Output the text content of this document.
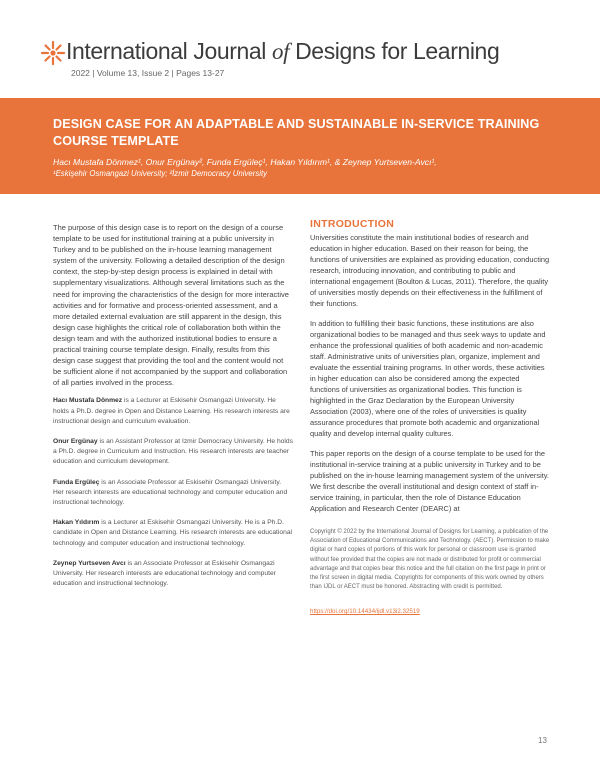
International Journal of Designs for Learning
2022 | Volume 13, Issue 2 | Pages 13-27
DESIGN CASE FOR AN ADAPTABLE AND SUSTAINABLE IN-SERVICE TRAINING COURSE TEMPLATE
Hacı Mustafa Dönmez¹, Onur Ergünay², Funda Ergüleç¹, Hakan Yıldırım¹, & Zeynep Yurtseven-Avcı¹,
¹Eskişehir Osmangazi University; ²İzmir Democracy University

The purpose of this design case is to report on the design of a course template to be used for institutional training at a public university in Turkey and to be published on the in-house learning management system of the university. Following a detailed description of the design context, the step-by-step design process is explained in detail with supplementary visualizations. Although several limitations such as the need for improving the characteristics of the design for more interactive activities and for formative and process-oriented assessment, and a more detailed external evaluation are still apparent in the design, this design case highlights the critical role of collaboration both within the design team and with the authorized institutional bodies to ensure a practical training course template design. Finally, results from this design case suggest that providing the tool and the content would not be sufficient alone if not accompanied by the support and collaboration of all parties involved in the process.

Hacı Mustafa Dönmez is a Lecturer at Eskisehir Osmangazi University. He holds a Ph.D. degree in Open and Distance Learning. His research interests are instructional design and curriculum evaluation.

Onur Ergünay is an Assistant Professor at Izmir Democracy University. He holds a Ph.D. degree in Curriculum and Instruction. His research interests are teacher education and curriculum development.

Funda Ergüleç is an Associate Professor at Eskisehir Osmangazi University. Her research interests are educational technology and computer education and instructional technology.

Hakan Yıldırım is a Lecturer at Eskisehir Osmangazi University. He is a Ph.D. candidate in Open and Distance Learning. His research interests are educational technology and computer education and instructional technology.

Zeynep Yurtseven Avcı is an Associate Professor at Eskisehir Osmangazi University. Her research interests are educational technology and computer education and instructional technology.

INTRODUCTION

Universities constitute the main institutional bodies of research and education in higher education. Based on their reason for being, the functions of universities are explained as providing education, conducting research, introducing innovation, and contributing to public and international engagement (Boulton & Lucas, 2011). Therefore, the quality of universities mostly depends on their effectiveness in the fulfillment of their functions.

In addition to fulfilling their basic functions, these institutions are also organizational bodies to be managed and thus seek ways to update and enhance the professional qualities of both academic and non-academic staff. Administrative units of universities plan, organize, implement and evaluate the essential training programs. In other words, these activities in higher education can also be considered among the expected functions of universities as organizational bodies. This function is highlighted in the Graz Declaration by the European University Association (2003), where one of the roles of universities is quality assurance procedures that promote both academic and organizational quality and develop internal quality cultures.

This paper reports on the design of a course template to be used for the institutional in-service training at a public university in Turkey and to be published on the in-house learning management system of the university. We first describe the overall institutional and design context of staff in-service training, in particular, then the role of Distance Education Application and Research Center (DEARC) at

Copyright © 2022 by the International Journal of Designs for Learning, a publication of the Association of Educational Communications and Technology. (AECT). Permission to make digital or hard copies of portions of this work for personal or classroom use is granted without fee provided that the copies are not made or distributed for profit or commercial advantage and that copies bear this notice and the full citation on the first page in print or the first screen in digital media. Copyrights for components of this work owned by others than IJDL or AECT must be honored. Abstracting with credit is permitted.

https://doi.org/10.14434/ijdl.v13i2.32519
13
